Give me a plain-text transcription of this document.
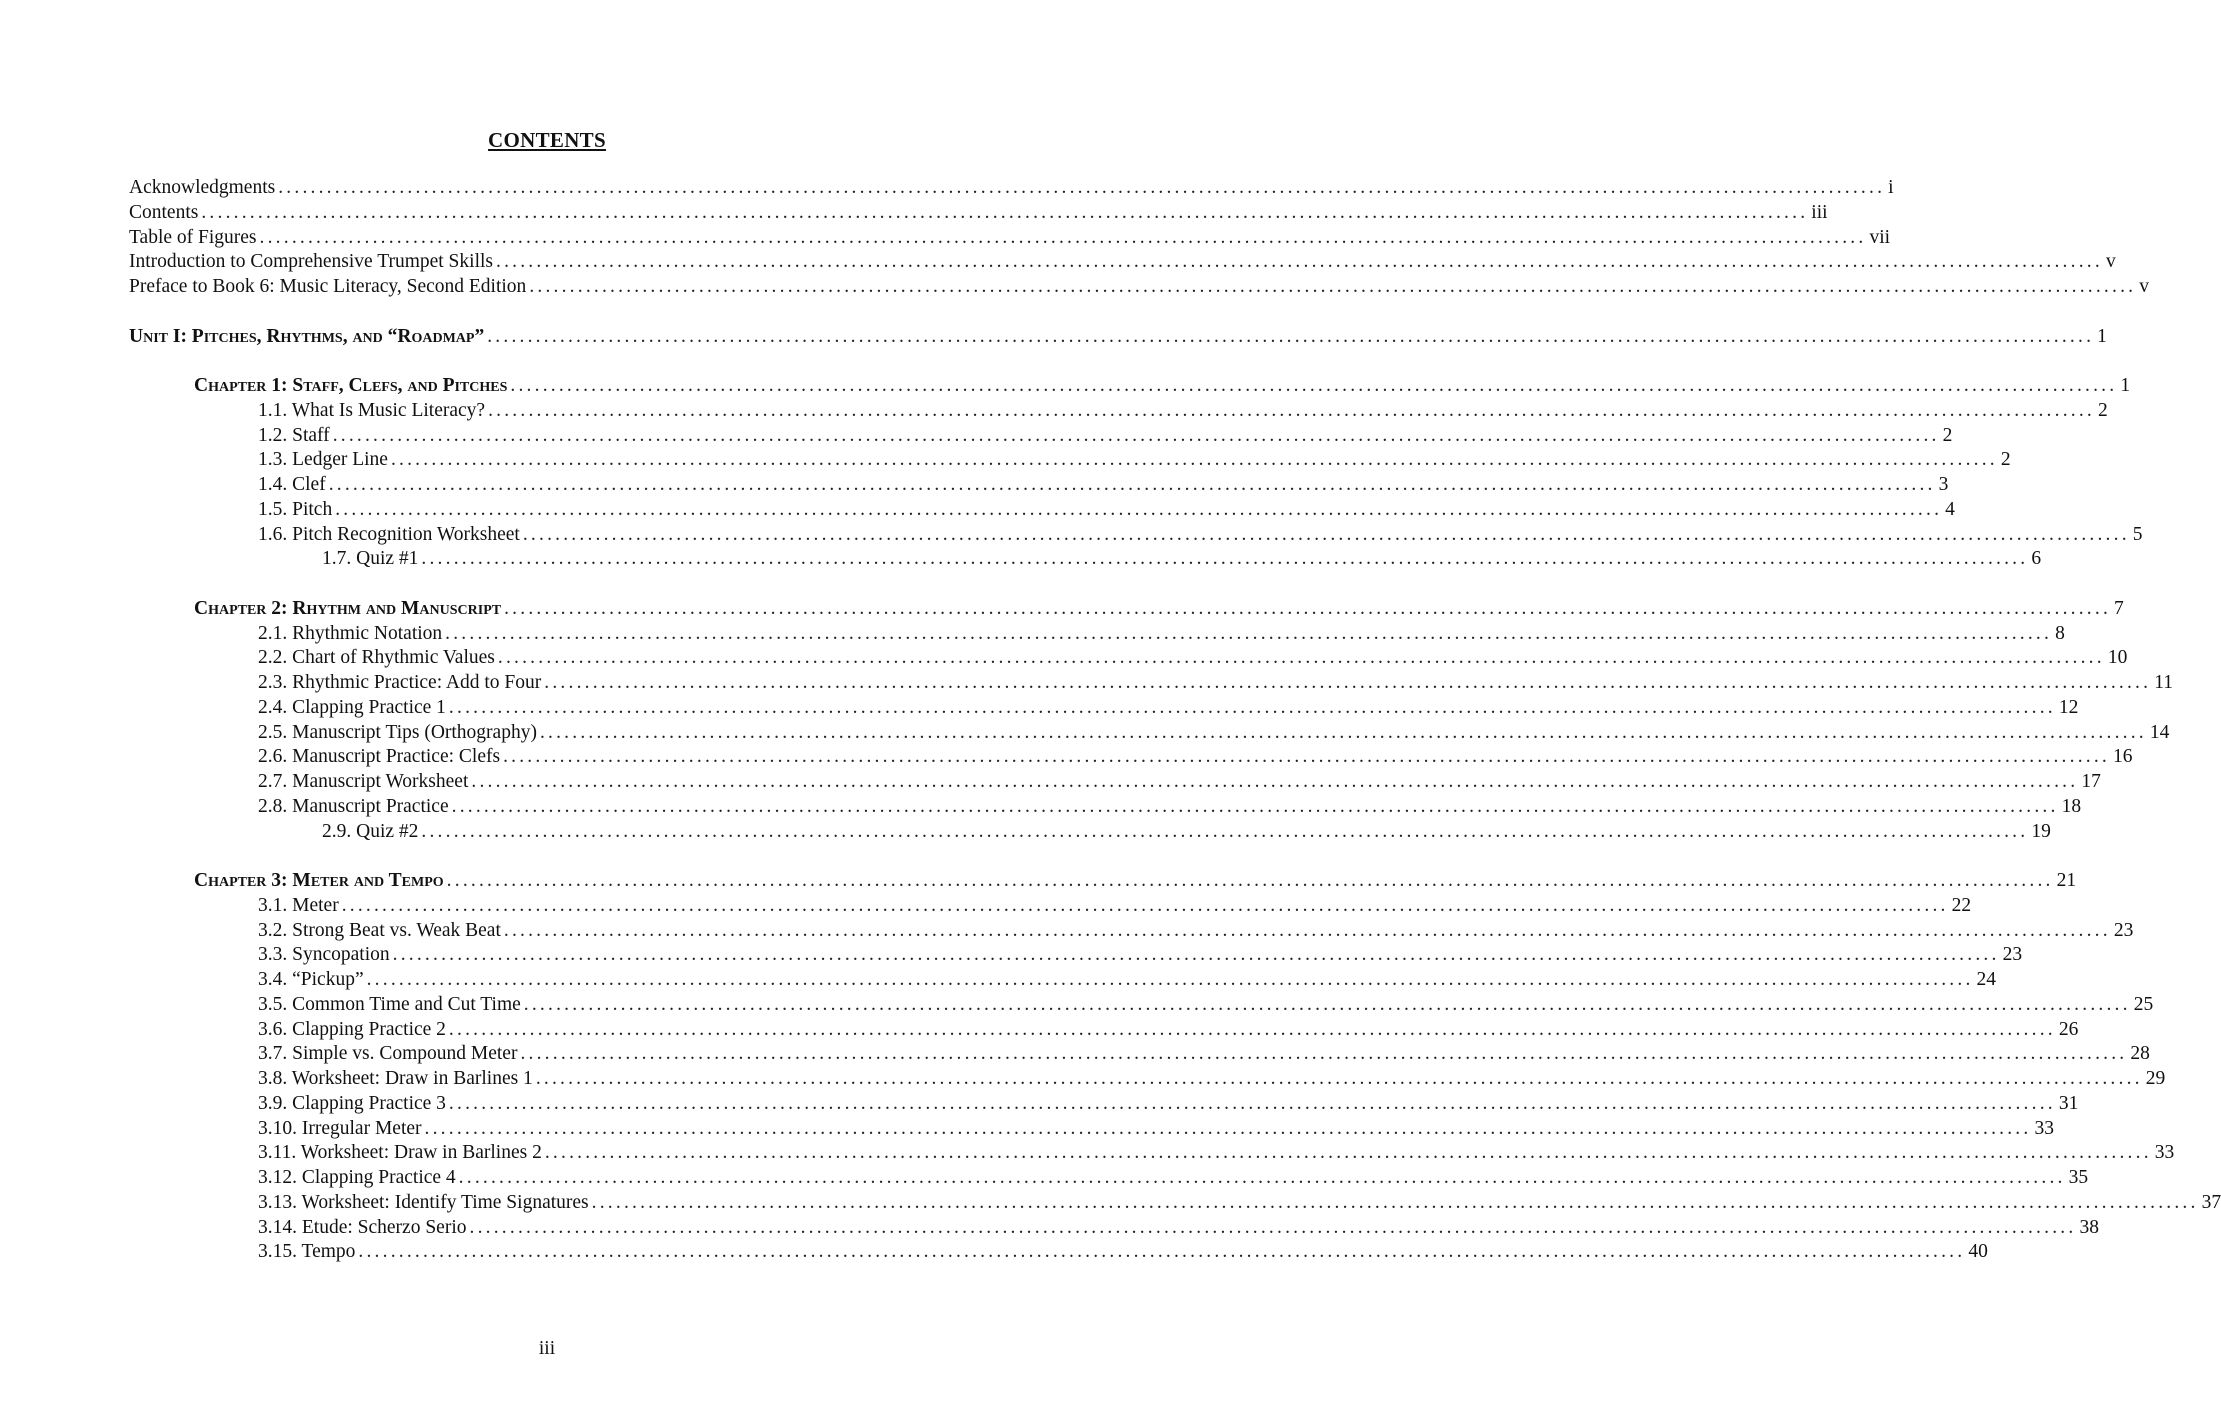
CONTENTS
Acknowledgments ....................................................................................................................................................................................................... i
Contents ....................................................................................................................................................................................................... iii
Table of Figures ....................................................................................................................................................................................................... vii
Introduction to Comprehensive Trumpet Skills ....................................................................................................................................................................................................... v
Preface to Book 6: Music Literacy, Second Edition ....................................................................................................................................................................................................... v
Unit I: Pitches, Rhythms, and “Roadmap” ....................................................................................................................................................................................................... 1
Chapter 1: Staff, Clefs, and Pitches ....................................................................................................................................................................................................... 1
1.1. What Is Music Literacy? ....................................................................................................................................................................................................... 2
1.2. Staff ....................................................................................................................................................................................................... 2
1.3. Ledger Line ....................................................................................................................................................................................................... 2
1.4. Clef ....................................................................................................................................................................................................... 3
1.5. Pitch ....................................................................................................................................................................................................... 4
1.6. Pitch Recognition Worksheet ....................................................................................................................................................................................................... 5
1.7. Quiz #1 ....................................................................................................................................................................................................... 6
Chapter 2: Rhythm and Manuscript ....................................................................................................................................................................................................... 7
2.1. Rhythmic Notation ....................................................................................................................................................................................................... 8
2.2. Chart of Rhythmic Values ....................................................................................................................................................................................................... 10
2.3. Rhythmic Practice: Add to Four ....................................................................................................................................................................................................... 11
2.4. Clapping Practice 1 ....................................................................................................................................................................................................... 12
2.5. Manuscript Tips (Orthography) ....................................................................................................................................................................................................... 14
2.6. Manuscript Practice: Clefs ....................................................................................................................................................................................................... 16
2.7. Manuscript Worksheet ....................................................................................................................................................................................................... 17
2.8. Manuscript Practice ....................................................................................................................................................................................................... 18
2.9. Quiz #2 ....................................................................................................................................................................................................... 19
Chapter 3: Meter and Tempo ....................................................................................................................................................................................................... 21
3.1. Meter ....................................................................................................................................................................................................... 22
3.2. Strong Beat vs. Weak Beat ....................................................................................................................................................................................................... 23
3.3. Syncopation ....................................................................................................................................................................................................... 23
3.4. “Pickup” ....................................................................................................................................................................................................... 24
3.5. Common Time and Cut Time ....................................................................................................................................................................................................... 25
3.6. Clapping Practice 2 ....................................................................................................................................................................................................... 26
3.7. Simple vs. Compound Meter ....................................................................................................................................................................................................... 28
3.8. Worksheet: Draw in Barlines 1 ....................................................................................................................................................................................................... 29
3.9. Clapping Practice 3 ....................................................................................................................................................................................................... 31
3.10. Irregular Meter ....................................................................................................................................................................................................... 33
3.11. Worksheet: Draw in Barlines 2 ....................................................................................................................................................................................................... 33
3.12. Clapping Practice 4 ....................................................................................................................................................................................................... 35
3.13. Worksheet: Identify Time Signatures ....................................................................................................................................................................................................... 37
3.14. Etude: Scherzo Serio ....................................................................................................................................................................................................... 38
3.15. Tempo ....................................................................................................................................................................................................... 40
iii
